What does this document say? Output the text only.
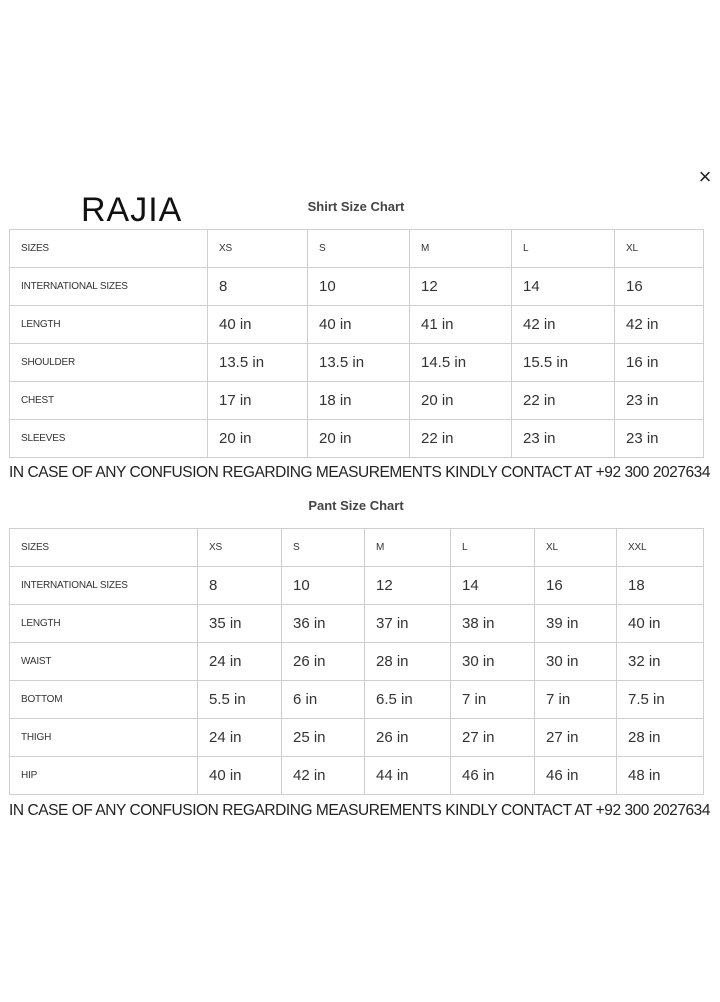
×
RAJIA	Shirt Size Chart
SIZES	XS	S	M	L	XL
INTERNATIONAL SIZES	8	10	12	14	16
LENGTH	40 in	40 in	41 in	42 in	42 in
SHOULDER	13.5 in	13.5 in	14.5 in	15.5 in	16 in
CHEST	17 in	18 in	20 in	22 in	23 in
SLEEVES	20 in	20 in	22 in	23 in	23 in
IN CASE OF ANY CONFUSION REGARDING MEASUREMENTS KINDLY CONTACT AT +92 300 2027634
Pant Size Chart
SIZES	XS	S	M	L	XL	XXL
INTERNATIONAL SIZES	8	10	12	14	16	18
LENGTH	35 in	36 in	37 in	38 in	39 in	40 in
WAIST	24 in	26 in	28 in	30 in	30 in	32 in
BOTTOM	5.5 in	6 in	6.5 in	7 in	7 in	7.5 in
THIGH	24 in	25 in	26 in	27 in	27 in	28 in
HIP	40 in	42 in	44 in	46 in	46 in	48 in
IN CASE OF ANY CONFUSION REGARDING MEASUREMENTS KINDLY CONTACT AT +92 300 2027634
